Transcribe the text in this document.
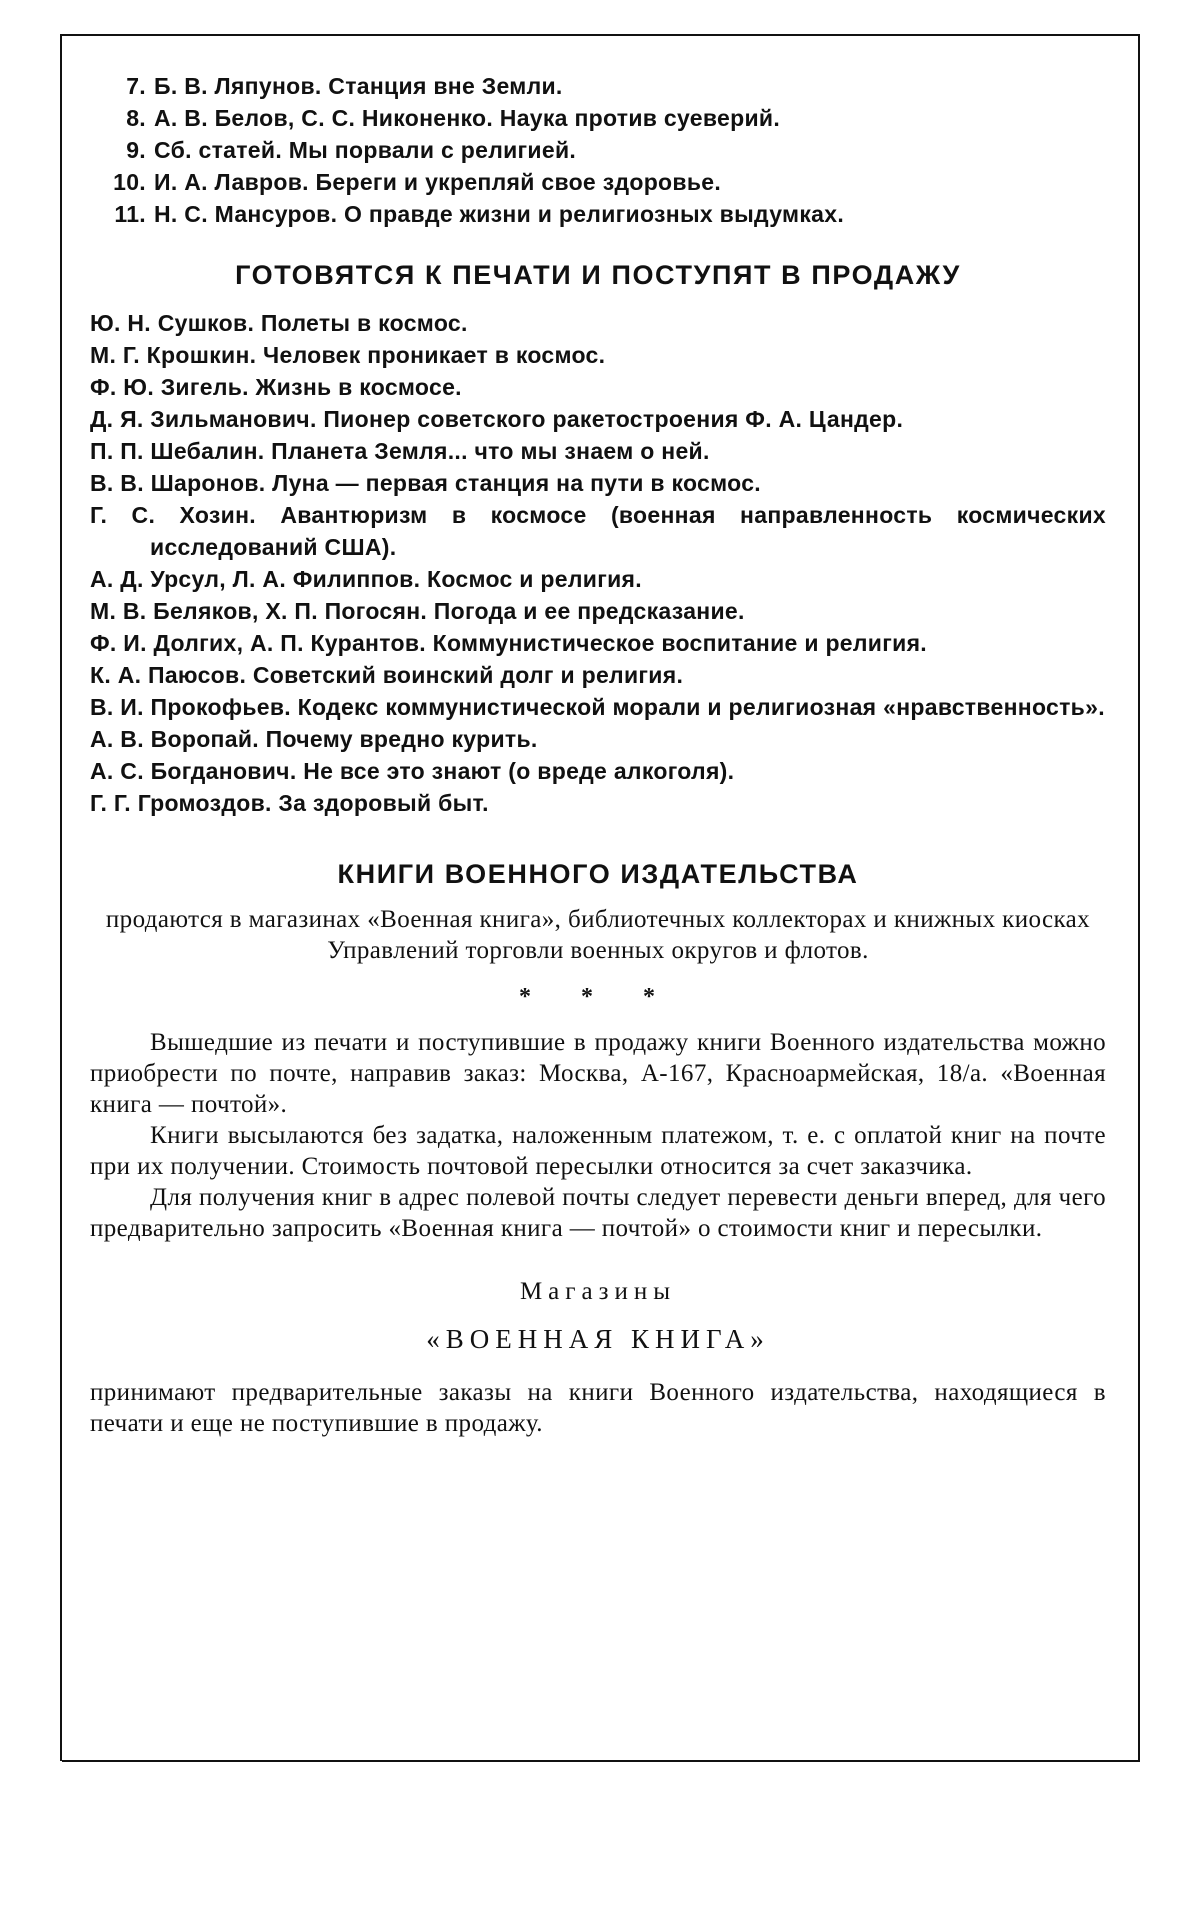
7. Б. В. Ляпунов. Станция вне Земли.
8. А. В. Белов, С. С. Никоненко. Наука против суеверий.
9. Сб. статей. Мы порвали с религией.
10. И. А. Лавров. Береги и укрепляй свое здоровье.
11. Н. С. Мансуров. О правде жизни и религиозных выдумках.
ГОТОВЯТСЯ К ПЕЧАТИ И ПОСТУПЯТ В ПРОДАЖУ
Ю. Н. Сушков. Полеты в космос.
М. Г. Крошкин. Человек проникает в космос.
Ф. Ю. Зигель. Жизнь в космосе.
Д. Я. Зильманович. Пионер советского ракетостроения Ф. А. Цандер.
П. П. Шебалин. Планета Земля... что мы знаем о ней.
В. В. Шаронов. Луна — первая станция на пути в космос.
Г. С. Хозин. Авантюризм в космосе (военная направленность космических исследований США).
А. Д. Урсул, Л. А. Филиппов. Космос и религия.
М. В. Беляков, Х. П. Погосян. Погода и ее предсказание.
Ф. И. Долгих, А. П. Курантов. Коммунистическое воспитание и религия.
К. А. Паюсов. Советский воинский долг и религия.
В. И. Прокофьев. Кодекс коммунистической морали и религиозная «нравственность».
А. В. Воропай. Почему вредно курить.
А. С. Богданович. Не все это знают (о вреде алкоголя).
Г. Г. Громоздов. За здоровый быт.
КНИГИ ВОЕННОГО ИЗДАТЕЛЬСТВА

продаются в магазинах «Военная книга», библиотечных коллекторах и книжных киосках Управлений торговли военных округов и флотов.

* * *

Вышедшие из печати и поступившие в продажу книги Военного издательства можно приобрести по почте, направив заказ: Москва, А-167, Красноармейская, 18/а. «Военная книга — почтой».

Книги высылаются без задатка, наложенным платежом, т. е. с оплатой книг на почте при их получении. Стоимость почтовой пересылки относится за счет заказчика.

Для получения книг в адрес полевой почты следует перевести деньги вперед, для чего предварительно запросить «Военная книга — почтой» о стоимости книг и пересылки.

Магазины

«ВОЕННАЯ КНИГА»

принимают предварительные заказы на книги Военного издательства, находящиеся в печати и еще не поступившие в продажу.
